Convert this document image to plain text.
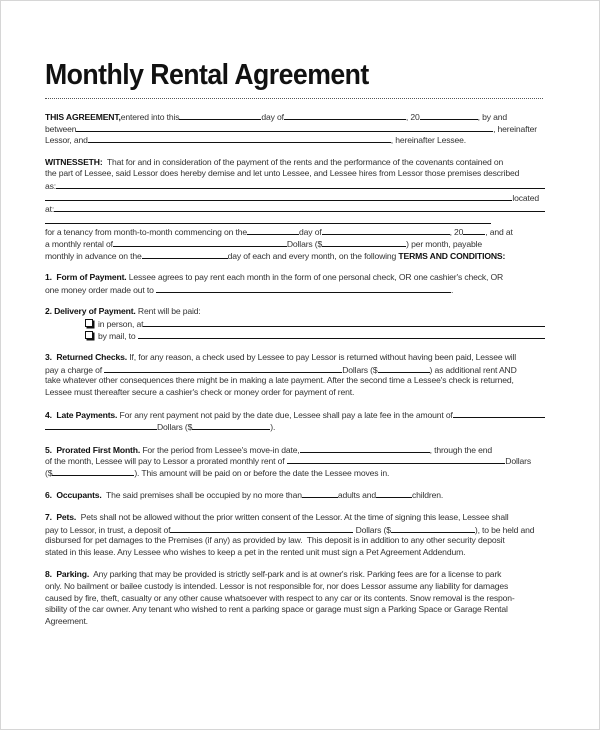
Monthly Rental Agreement
THIS AGREEMENT, entered into this	day of	, 20	, by and
between	, hereinafter
Lessor, and	, hereinafter Lessee.
WITNESSETH: That for and in consideration of the payment of the rents and the performance of the covenants contained on
the part of Lessee, said Lessor does hereby demise and let unto Lessee, and Lessee hires from Lessor those premises described
as:
located
at:
for a tenancy from month-to-month commencing on the	day of	, 20	, and at
a monthly rental of	Dollars ($	) per month, payable
monthly in advance on the	day of each and every month, on the following TERMS AND CONDITIONS:
1.  Form of Payment. Lessee agrees to pay rent each month in the form of one personal check, OR one cashier's check, OR
one money order made out to	.
2. Delivery of Payment. Rent will be paid:
in person, at
by mail, to
3.  Returned Checks. If, for any reason, a check used by Lessee to pay Lessor is returned without having been paid, Lessee will
pay a charge of	Dollars ($	) as additional rent AND
take whatever other consequences there might be in making a late payment. After the second time a Lessee's check is returned,
Lessee must thereafter secure a cashier's check or money order for payment of rent.
4.  Late Payments. For any rent payment not paid by the date due, Lessee shall pay a late fee in the amount of
Dollars ($	).
5.  Prorated First Month. For the period from Lessee's move-in date,	, through the end
of the month, Lessee will pay to Lessor a prorated monthly rent of	Dollars
($	). This amount will be paid on or before the date the Lessee moves in.
6.  Occupants. The said premises shall be occupied by no more than	adults and	children.
7.  Pets. Pets shall not be allowed without the prior written consent of the Lessor. At the time of signing this lease, Lessee shall
pay to Lessor, in trust, a deposit of	Dollars ($	), to be held and
disbursed for pet damages to the Premises (if any) as provided by law.  This deposit is in addition to any other security deposit
stated in this lease. Any Lessee who wishes to keep a pet in the rented unit must sign a Pet Agreement Addendum.
8.  Parking. Any parking that may be provided is strictly self-park and is at owner's risk. Parking fees are for a license to park
only. No bailment or bailee custody is intended. Lessor is not responsible for, nor does Lessor assume any liability for damages
caused by fire, theft, casualty or any other cause whatsoever with respect to any car or its contents. Snow removal is the respon-
sibility of the car owner. Any tenant who wished to rent a parking space or garage must sign a Parking Space or Garage Rental
Agreement.
